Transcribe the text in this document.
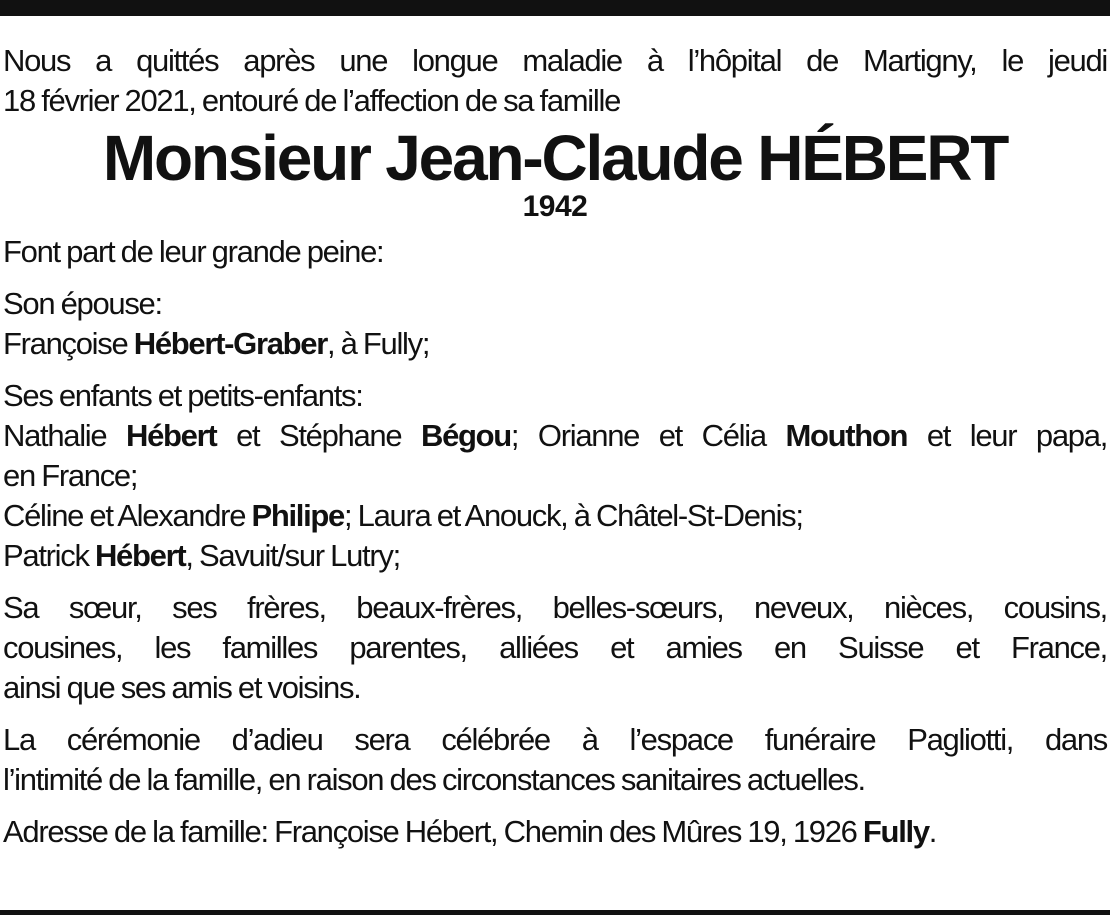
Nous a quittés après une longue maladie à l’hôpital de Martigny, le jeudi
18 février 2021, entouré de l’affection de sa famille
Monsieur Jean-Claude HÉBERT
1942
Font part de leur grande peine:
Son épouse:
Françoise Hébert-Graber, à Fully;
Ses enfants et petits-enfants:
Nathalie Hébert et Stéphane Bégou; Orianne et Célia Mouthon et leur papa,
en France;
Céline et Alexandre Philipe; Laura et Anouck, à Châtel-St-Denis;
Patrick Hébert, Savuit/sur Lutry;
Sa sœur, ses frères, beaux-frères, belles-sœurs, neveux, nièces, cousins,
cousines, les familles parentes, alliées et amies en Suisse et France,
ainsi que ses amis et voisins.
La cérémonie d’adieu sera célébrée à l’espace funéraire Pagliotti, dans
l’intimité de la famille, en raison des circonstances sanitaires actuelles.
Adresse de la famille: Françoise Hébert, Chemin des Mûres 19, 1926 Fully.
